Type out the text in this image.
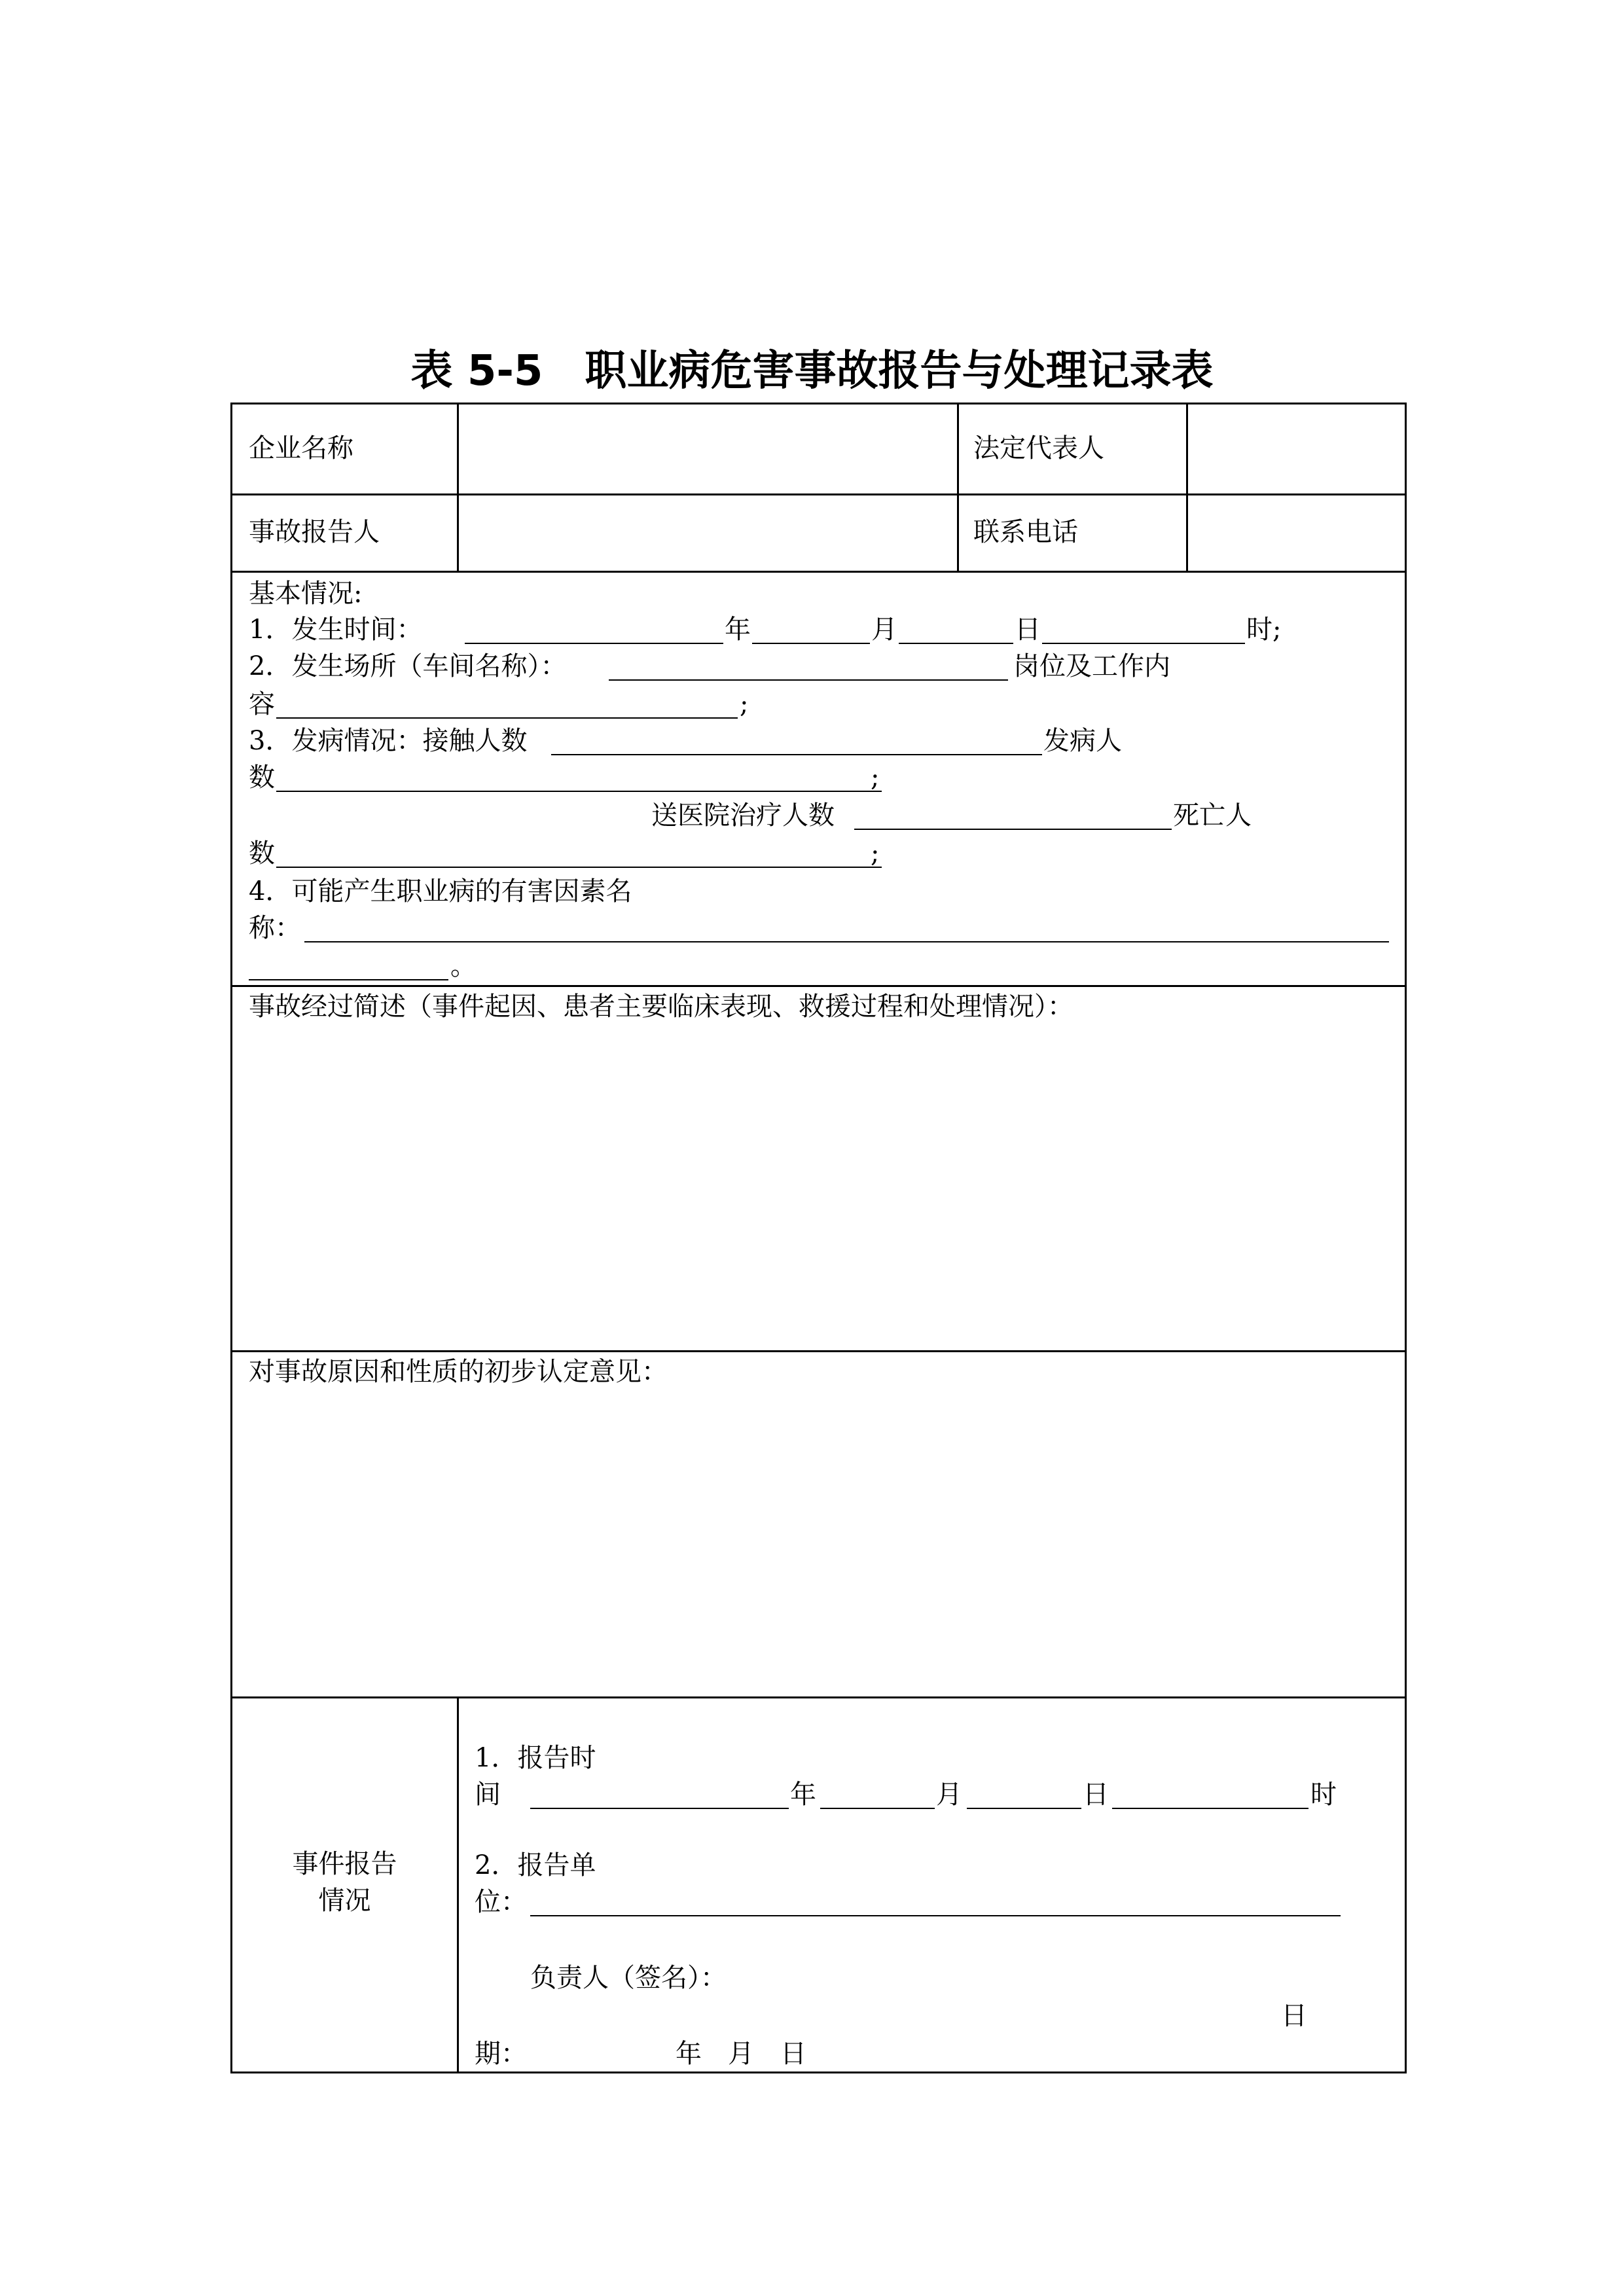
表 5-5　职业病危害事故报告与处理记录表
企业名称	法定代表人
事故报告人	联系电话
基本情况:
1．发生时间：	年	月	日	时;
2．发生场所（车间名称）：	岗位及工作内
容	;
3．发病情况：接触人数	发病人
数	;
送医院治疗人数	死亡人
数	;
4．可能产生职业病的有害因素名
称：
。
事故经过简述（事件起因、患者主要临床表现、救援过程和处理情况）：
对事故原因和性质的初步认定意见：
事件报告
情况
1．报告时
间	年	月	日	时
2．报告单
位：
负责人（签名）：
日
期：	年　月　日
